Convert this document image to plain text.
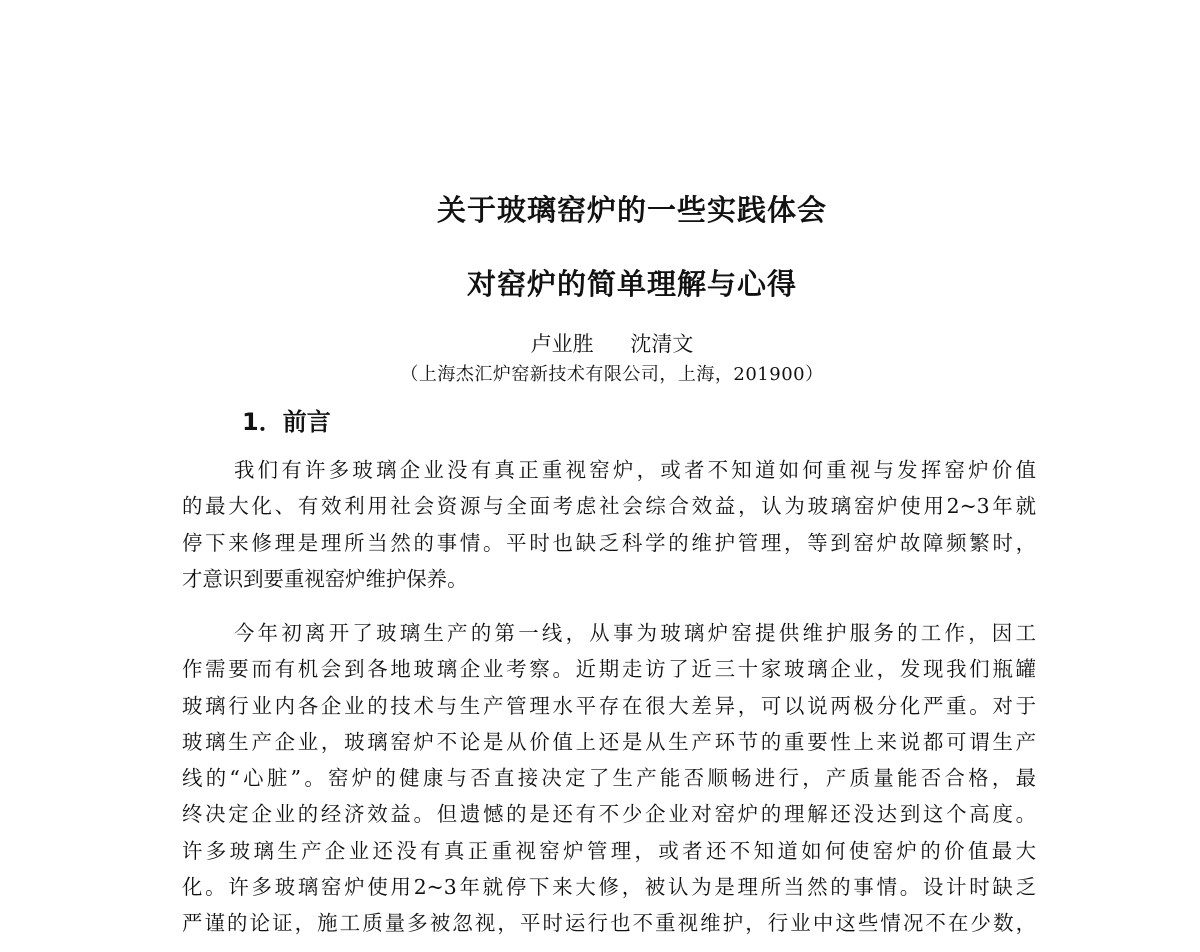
关于玻璃窑炉的一些实践体会
对窑炉的简单理解与心得
卢业胜 沈清文
（上海杰汇炉窑新技术有限公司，上海，201900）
1．前言

我们有许多玻璃企业没有真正重视窑炉，或者不知道如何重视与发挥窑炉价值
的最大化、有效利用社会资源与全面考虑社会综合效益，认为玻璃窑炉使用2~3年就
停下来修理是理所当然的事情。平时也缺乏科学的维护管理，等到窑炉故障频繁时，
才意识到要重视窑炉维护保养。

今年初离开了玻璃生产的第一线，从事为玻璃炉窑提供维护服务的工作，因工
作需要而有机会到各地玻璃企业考察。近期走访了近三十家玻璃企业，发现我们瓶罐
玻璃行业内各企业的技术与生产管理水平存在很大差异，可以说两极分化严重。对于
玻璃生产企业，玻璃窑炉不论是从价值上还是从生产环节的重要性上来说都可谓生产
线的“心脏”。窑炉的健康与否直接决定了生产能否顺畅进行，产质量能否合格，最
终决定企业的经济效益。但遗憾的是还有不少企业对窑炉的理解还没达到这个高度。
许多玻璃生产企业还没有真正重视窑炉管理，或者还不知道如何使窑炉的价值最大
化。许多玻璃窑炉使用2~3年就停下来大修，被认为是理所当然的事情。设计时缺乏
严谨的论证，施工质量多被忽视，平时运行也不重视维护，行业中这些情况不在少数，
